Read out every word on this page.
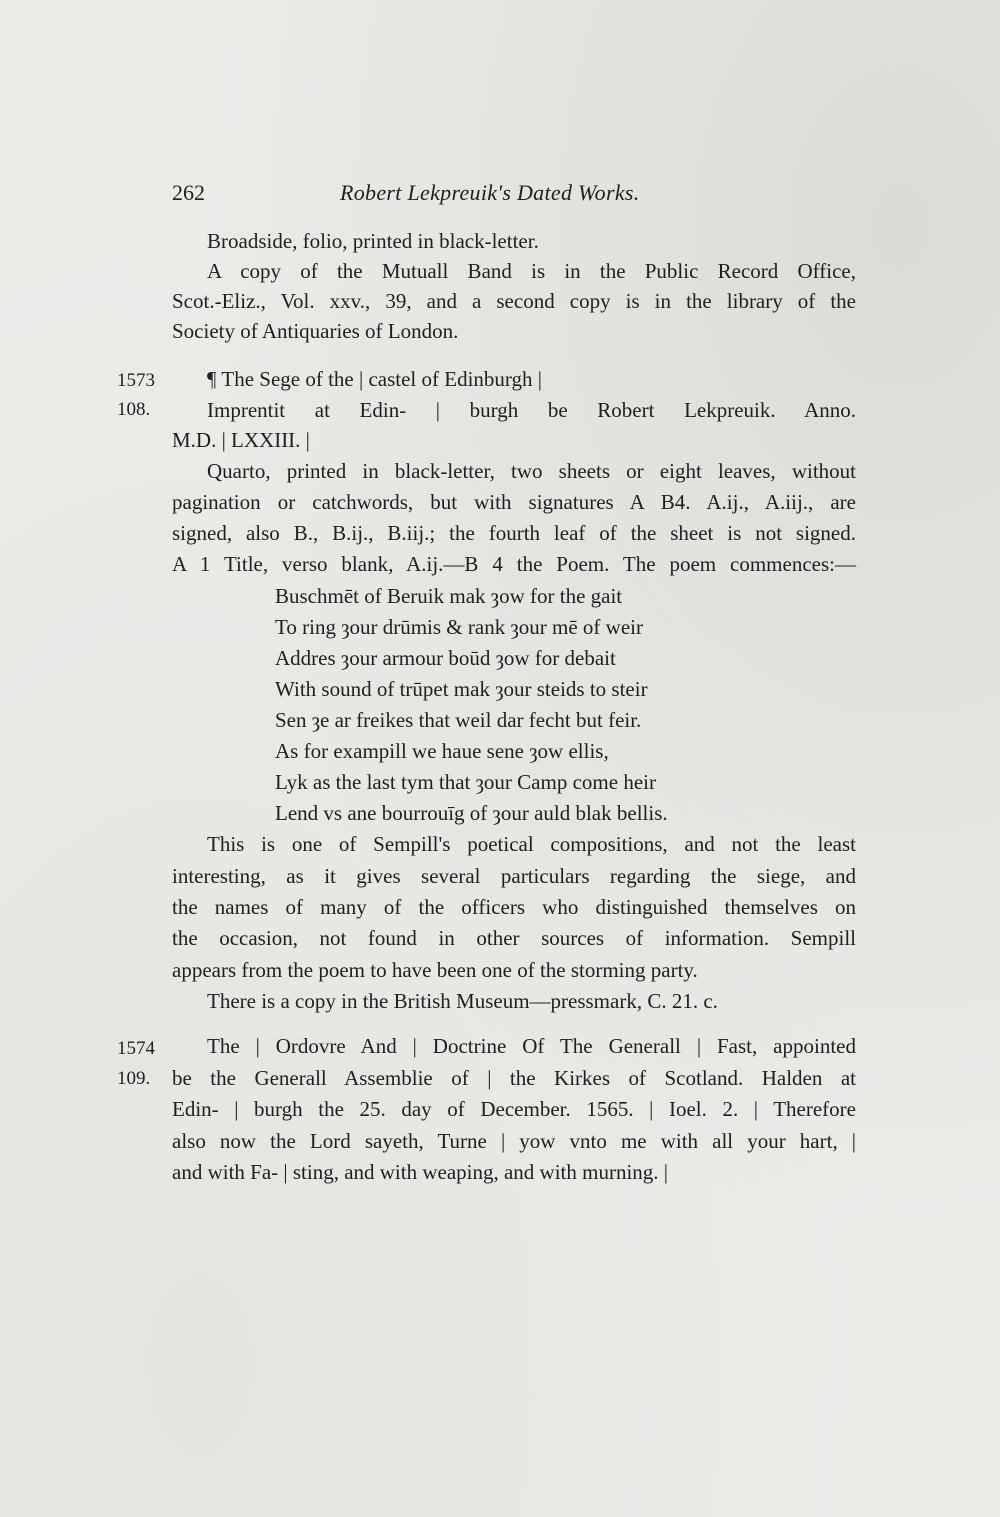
262	Robert Lekpreuik's Dated Works.
Broadside, folio, printed in black-letter.
A copy of the Mutuall Band is in the Public Record Office,
Scot.-Eliz., Vol. xxv., 39, and a second copy is in the library of the
Society of Antiquaries of London.
1573 ¶ The Sege of the | castel of Edinburgh |
108.	Imprentit at Edin- | burgh be Robert Lekpreuik. Anno.
M.D. | LXXIII. |
Quarto, printed in black-letter, two sheets or eight leaves, without
pagination or catchwords, but with signatures A B4. A.ij., A.iij., are
signed, also B., B.ij., B.iij.; the fourth leaf of the sheet is not signed.
A 1 Title, verso blank, A.ij.—B 4 the Poem. The poem commences:—
Buschmēt of Beruik mak ȝow for the gait
To ring ȝour drūmis & rank ȝour mē of weir
Addres ȝour armour boūd ȝow for debait
With sound of trūpet mak ȝour steids to steir
Sen ȝe ar freikes that weil dar fecht but feir.
As for exampill we haue sene ȝow ellis,
Lyk as the last tym that ȝour Camp come heir
Lend vs ane bourrouīg of ȝour auld blak bellis.
This is one of Sempill's poetical compositions, and not the least
interesting, as it gives several particulars regarding the siege, and
the names of many of the officers who distinguished themselves on
the occasion, not found in other sources of information. Sempill
appears from the poem to have been one of the storming party.
There is a copy in the British Museum—pressmark, C. 21. c.
1574 The | Ordovre And | Doctrine Of The Generall | Fast, appointed
109. be the Generall Assemblie of | the Kirkes of Scotland. Halden at
Edin- | burgh the 25. day of December. 1565. | Ioel. 2. | Therefore
also now the Lord sayeth, Turne | yow vnto me with all your hart, |
and with Fa- | sting, and with weaping, and with murning. |
